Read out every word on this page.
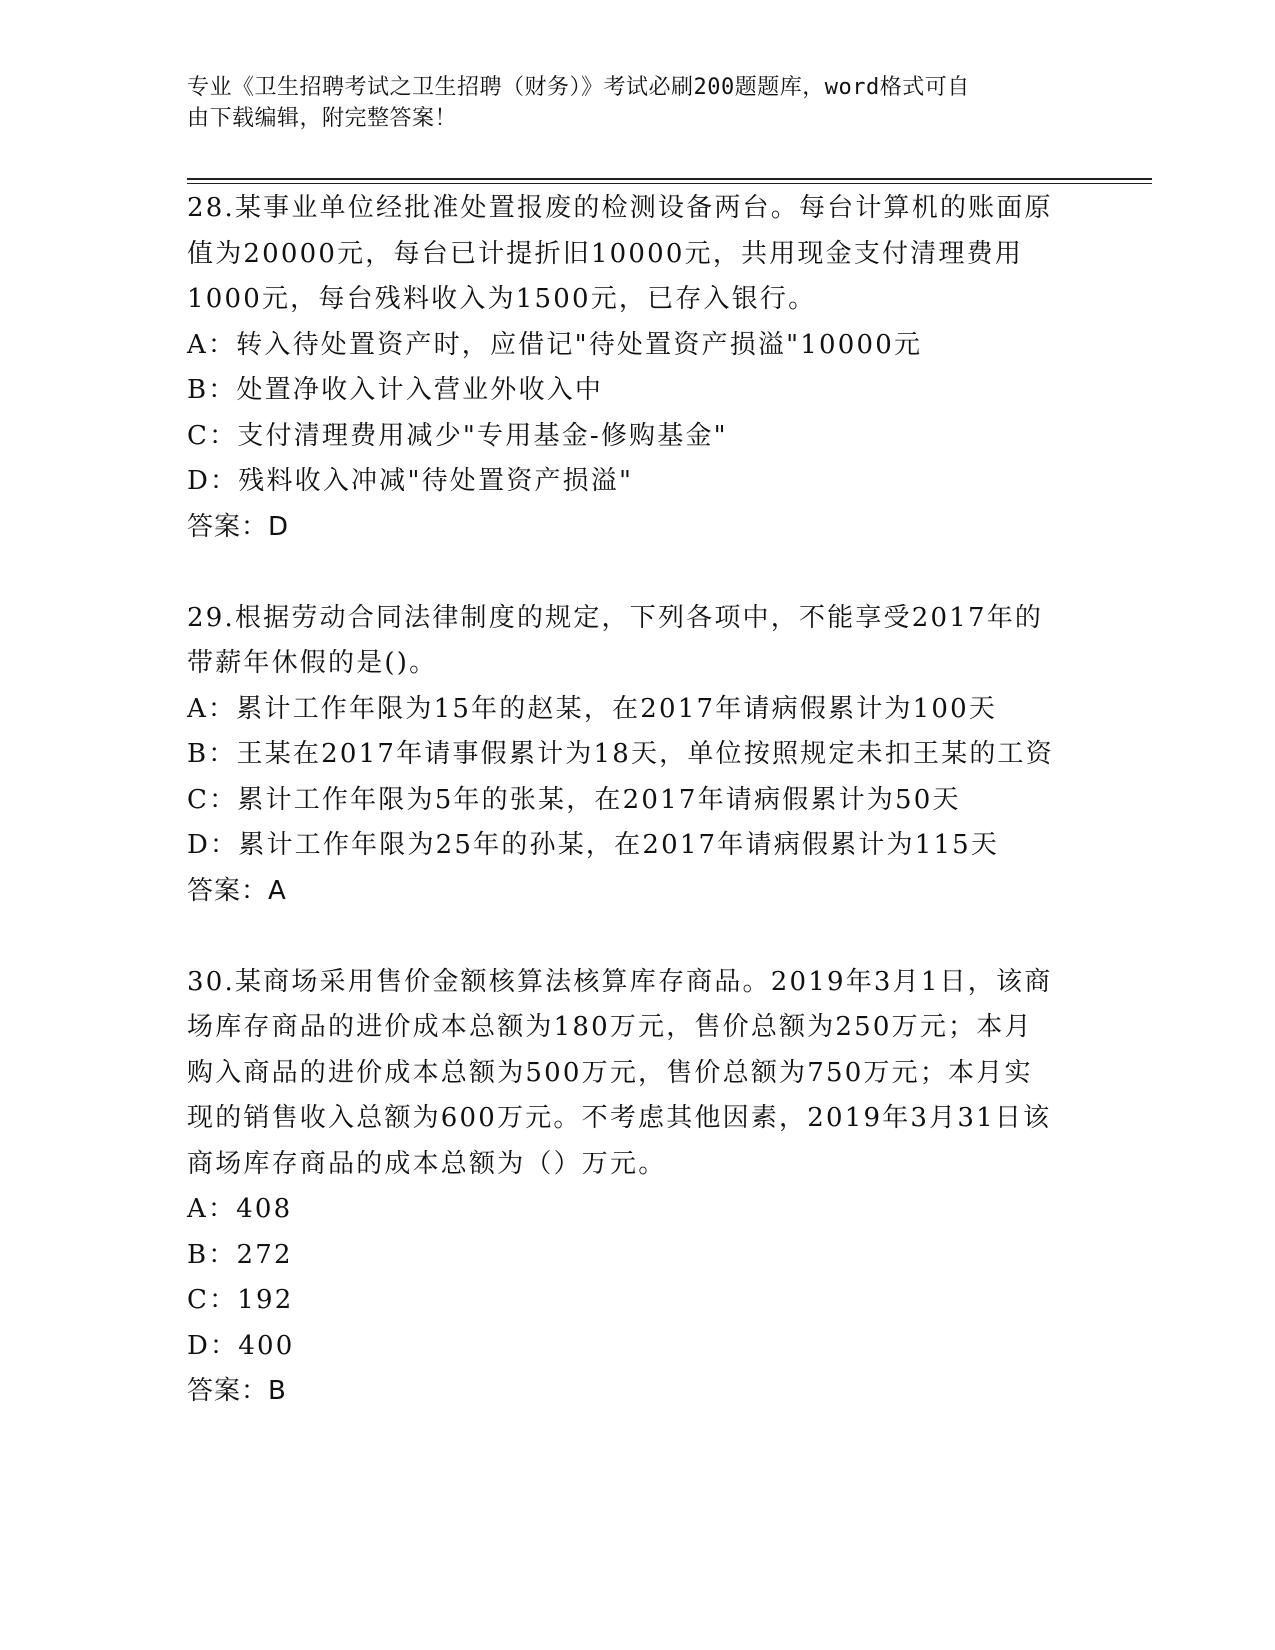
专业《卫生招聘考试之卫生招聘（财务）》考试必刷200题题库，word格式可自
由下载编辑，附完整答案！
28.某事业单位经批准处置报废的检测设备两台。每台计算机的账面原
值为20000元，每台已计提折旧10000元，共用现金支付清理费用
1000元，每台残料收入为1500元，已存入银行。
A：转入待处置资产时，应借记"待处置资产损溢"10000元
B：处置净收入计入营业外收入中
C：支付清理费用减少"专用基金-修购基金"
D：残料收入冲减"待处置资产损溢"
答案：D
29.根据劳动合同法律制度的规定，下列各项中，不能享受2017年的
带薪年休假的是()。
A：累计工作年限为15年的赵某，在2017年请病假累计为100天
B：王某在2017年请事假累计为18天，单位按照规定未扣王某的工资
C：累计工作年限为5年的张某，在2017年请病假累计为50天
D：累计工作年限为25年的孙某，在2017年请病假累计为115天
答案：A
30.某商场采用售价金额核算法核算库存商品。2019年3月1日，该商
场库存商品的进价成本总额为180万元，售价总额为250万元；本月
购入商品的进价成本总额为500万元，售价总额为750万元；本月实
现的销售收入总额为600万元。不考虑其他因素，2019年3月31日该
商场库存商品的成本总额为（）万元。
A：408
B：272
C：192
D：400
答案：B
